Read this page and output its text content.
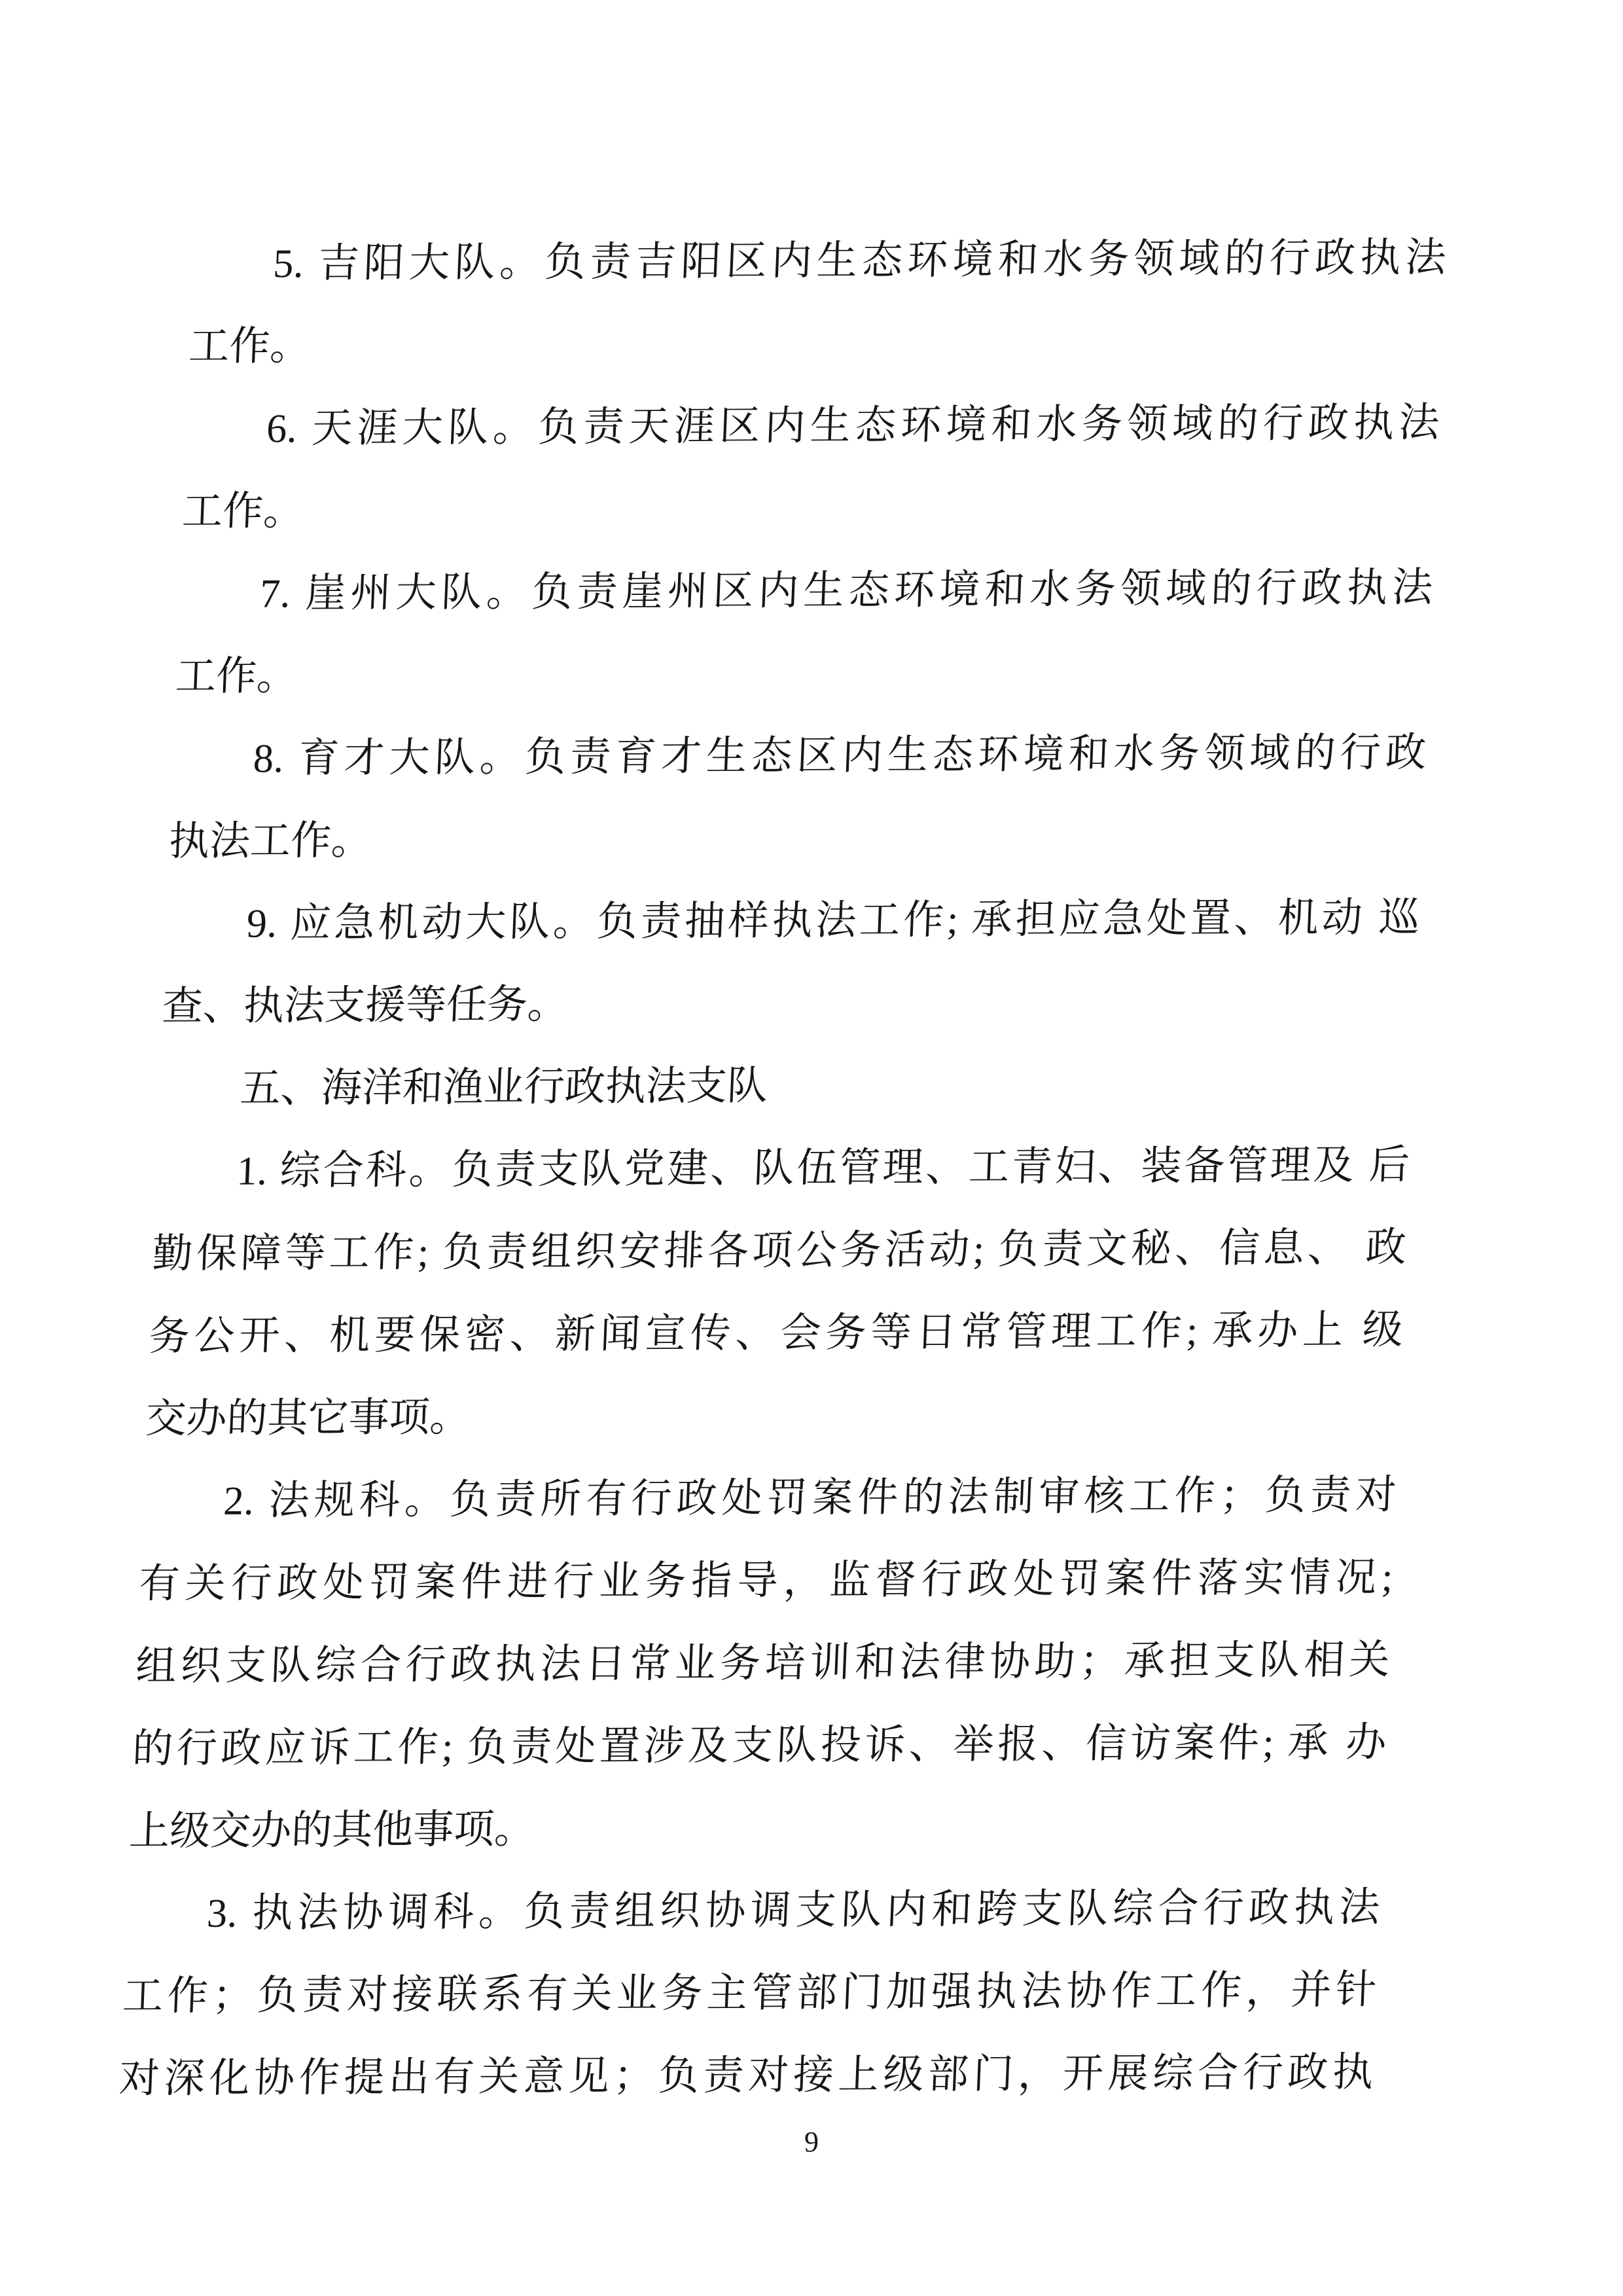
5. 吉阳大队。负责吉阳区内生态环境和水务领域的行政执法
工作。
6. 天涯大队。负责天涯区内生态环境和水务领域的行政执法
工作。
7. 崖州大队。负责崖州区内生态环境和水务领域的行政执法
工作。
8. 育才大队。负责育才生态区内生态环境和水务领域的行政
执法工作。
9. 应急机动大队。负责抽样执法工作; 承担应急处置、机动 巡
查、执法支援等任务。
五、海洋和渔业行政执法支队
1. 综合科。负责支队党建、队伍管理、工青妇、装备管理及 后
勤保障等工作; 负责组织安排各项公务活动; 负责文秘、信息、 政
务公开、机要保密、新闻宣传、会务等日常管理工作; 承办上 级
交办的其它事项。
2. 法规科。负责所有行政处罚案件的法制审核工作；负责对
有关行政处罚案件进行业务指导，监督行政处罚案件落实情况;
组织支队综合行政执法日常业务培训和法律协助；承担支队相关
的行政应诉工作; 负责处置涉及支队投诉、举报、信访案件; 承 办
上级交办的其他事项。
3. 执法协调科。负责组织协调支队内和跨支队综合行政执法
工作；负责对接联系有关业务主管部门加强执法协作工作，并针
对深化协作提出有关意见；负责对接上级部门，开展综合行政执
9
